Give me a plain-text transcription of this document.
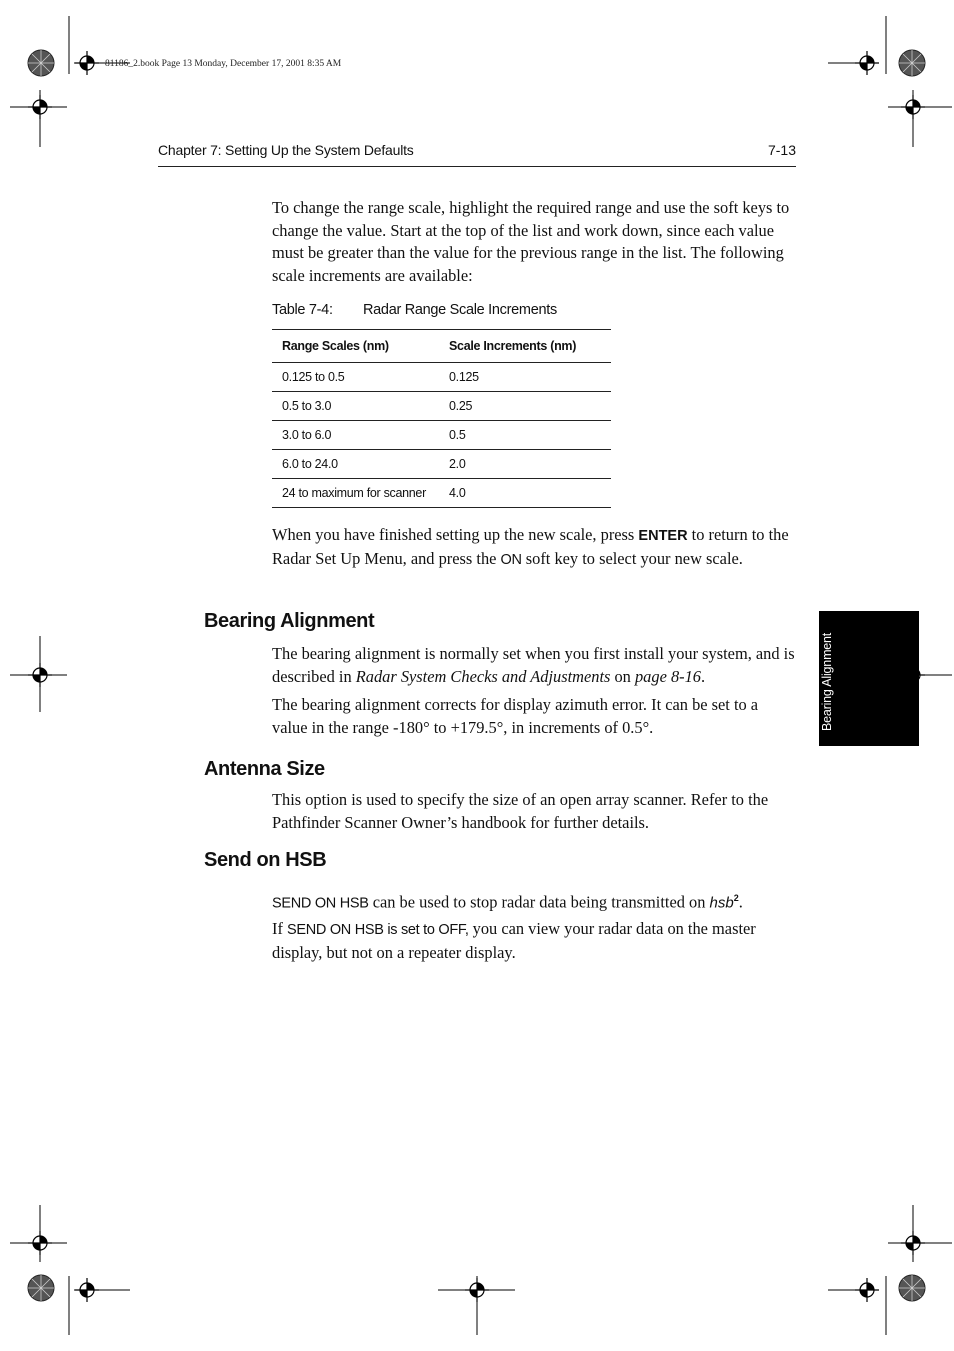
81186_2.book Page 13 Monday, December 17, 2001 8:35 AM
Chapter 7: Setting Up the System Defaults	7-13
Bearing Alignment

To change the range scale, highlight the required range and use the soft keys to change the value. Start at the top of the list and work down, since each value must be greater than the value for the previous range in the list. The following scale increments are available:

Table 7-4: Radar Range Scale Increments
Range Scales (nm)	Scale Increments (nm)
0.125 to 0.5	0.125
0.5 to 3.0	0.25
3.0 to 6.0	0.5
6.0 to 24.0	2.0
24 to maximum for scanner	4.0

When you have finished setting up the new scale, press ENTER to return to the Radar Set Up Menu, and press the ON soft key to select your new scale.

Bearing Alignment

The bearing alignment is normally set when you first install your system, and is described in Radar System Checks and Adjustments on page 8-16.

The bearing alignment corrects for display azimuth error. It can be set to a value in the range -180° to +179.5°, in increments of 0.5°.

Antenna Size

This option is used to specify the size of an open array scanner. Refer to the Pathfinder Scanner Owner’s handbook for further details.

Send on HSB

SEND ON HSB can be used to stop radar data being transmitted on hsb$^2$.

If SEND ON HSB is set to OFF, you can view your radar data on the master display, but not on a repeater display.
